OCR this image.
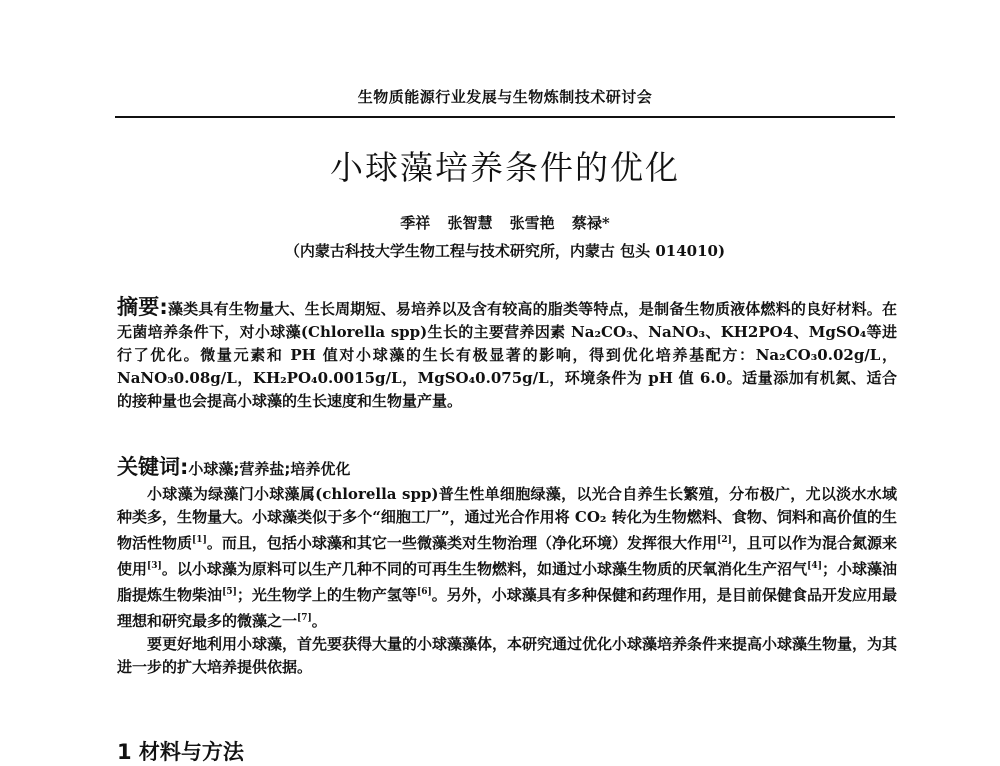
生物质能源行业发展与生物炼制技术研讨会
小球藻培养条件的优化
季祥 张智慧 张雪艳 蔡禄*
（内蒙古科技大学生物工程与技术研究所，内蒙古 包头 014010)
摘要:藻类具有生物量大、生长周期短、易培养以及含有较高的脂类等特点，是制备生物质液体燃料的良好材料。在无菌培养条件下，对小球藻(Chlorella spp)生长的主要营养因素 Na₂CO₃、NaNO₃、KH2PO4、MgSO₄等进行了优化。微量元素和 PH 值对小球藻的生长有极显著的影响，得到优化培养基配方：Na₂CO₃0.02g/L，NaNO₃0.08g/L，KH₂PO₄0.0015g/L，MgSO₄0.075g/L，环境条件为 pH 值 6.0。适量添加有机氮、适合的接种量也会提高小球藻的生长速度和生物量产量。
关键词:小球藻;营养盐;培养优化

小球藻为绿藻门小球藻属(chlorella spp)普生性单细胞绿藻，以光合自养生长繁殖，分布极广，尤以淡水水域种类多，生物量大。小球藻类似于多个“细胞工厂”，通过光合作用将 CO₂ 转化为生物燃料、食物、饲料和高价值的生物活性物质[1]。而且，包括小球藻和其它一些微藻类对生物治理（净化环境）发挥很大作用[2]，且可以作为混合氮源来使用[3]。以小球藻为原料可以生产几种不同的可再生生物燃料，如通过小球藻生物质的厌氧消化生产沼气[4]；小球藻油脂提炼生物柴油[5]；光生物学上的生物产氢等[6]。另外，小球藻具有多种保健和药理作用，是目前保健食品开发应用最理想和研究最多的微藻之一[7]。

要更好地利用小球藻，首先要获得大量的小球藻藻体，本研究通过优化小球藻培养条件来提高小球藻生物量，为其进一步的扩大培养提供依据。

1 材料与方法
